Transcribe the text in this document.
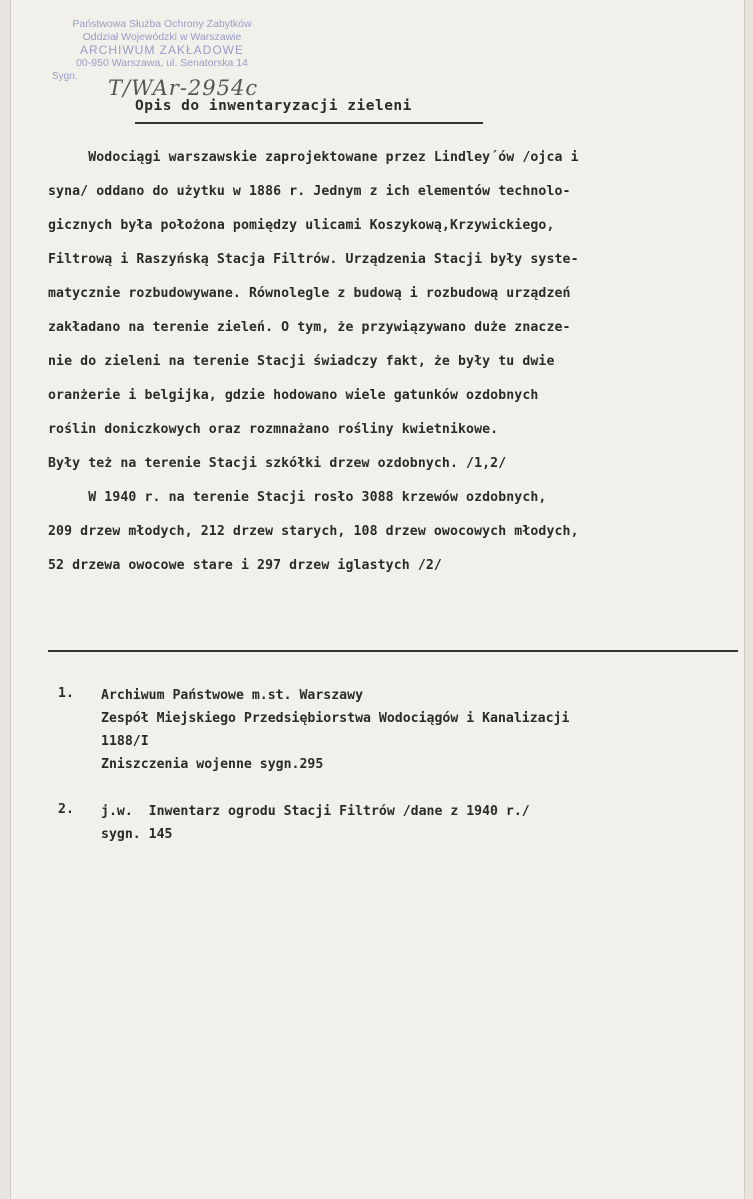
Państwowa Służba Ochrony Zabytków
Oddział Wojewódzki w Warszawie
ARCHIWUM ZAKŁADOWE
00-950 Warszawa, ul. Senatorska 14
Sygn. T/WAr-2954c
Opis do inwentaryzacji zieleni
Wodociągi warszawskie zaprojektowane przez Lindley´ów /ojca i
syna/ oddano do użytku w 1886 r. Jednym z ich elementów technolo-
gicznych była położona pomiędzy ulicami Koszykową,Krzywickiego,
Filtrową i Raszyńską Stacja Filtrów. Urządzenia Stacji były syste-
matycznie rozbudowywane. Równolegle z budową i rozbudową urządzeń
zakładano na terenie zieleń. O tym, że przywiązywano duże znacze-
nie do zieleni na terenie Stacji świadczy fakt, że były tu dwie
oranżerie i belgijka, gdzie hodowano wiele gatunków ozdobnych
roślin doniczkowych oraz rozmnażano rośliny kwietnikowe.
Były też na terenie Stacji szkółki drzew ozdobnych. /1,2/
W 1940 r. na terenie Stacji rosło 3088 krzewów ozdobnych,
209 drzew młodych, 212 drzew starych, 108 drzew owocowych młodych,
52 drzewa owocowe stare i 297 drzew iglastych /2/
1. Archiwum Państwowe m.st. Warszawy
Zespół Miejskiego Przedsiębiorstwa Wodociągów i Kanalizacji
1188/I
Zniszczenia wojenne sygn.295
2. j.w.  Inwentarz ogrodu Stacji Filtrów /dane z 1940 r./
sygn. 145
